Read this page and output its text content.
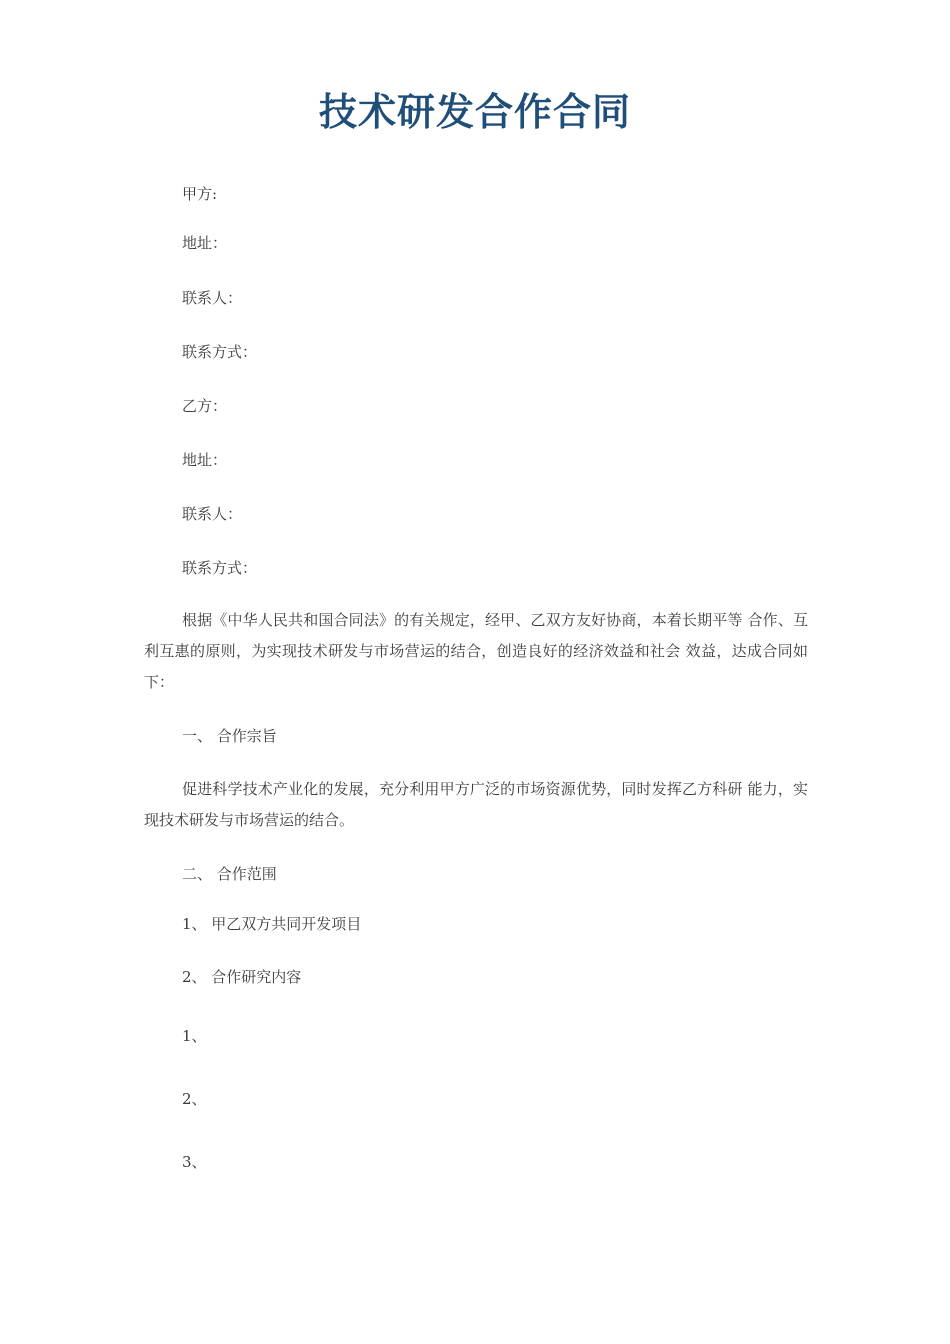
技术研发合作合同
甲方:
地址：
联系人：
联系方式：
乙方：
地址：
联系人：
联系方式：
根据《中华人民共和国合同法》的有关规定，经甲、乙双方友好协商，本着长期平等 合作、互利互惠的原则，为实现技术研发与市场营运的结合，创造良好的经济效益和社会 效益，达成合同如下：
一、 合作宗旨
促进科学技术产业化的发展，充分利用甲方广泛的市场资源优势，同时发挥乙方科研 能力，实现技术研发与市场营运的结合。
二、 合作范围
1、 甲乙双方共同开发项目
2、 合作研究内容
1、
2、
3、
